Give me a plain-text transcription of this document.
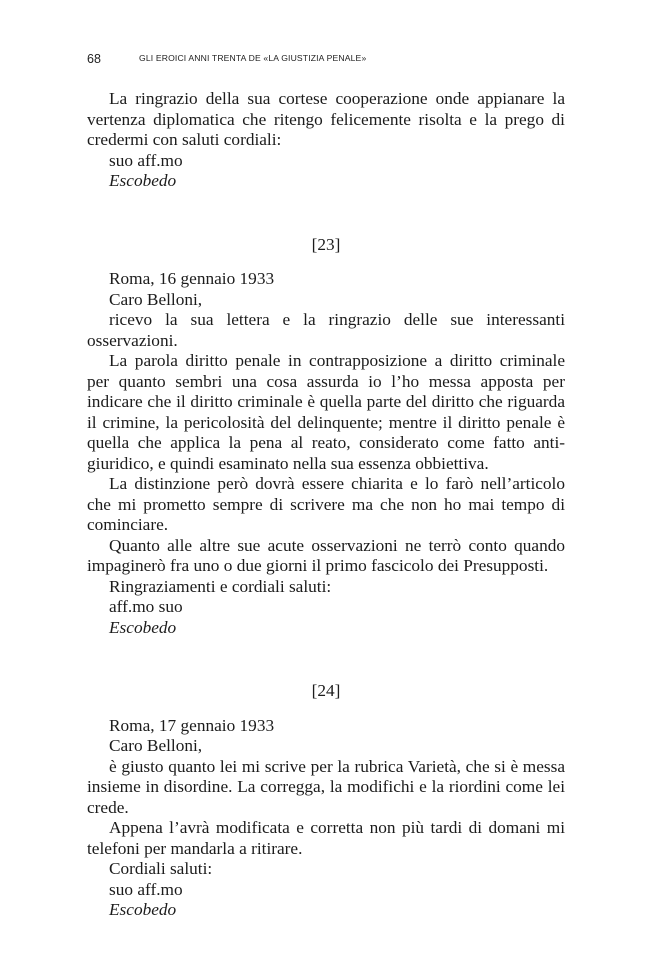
68	GLI EROICI ANNI TRENTA DE «LA GIUSTIZIA PENALE»

La ringrazio della sua cortese cooperazione onde appianare la vertenza diplomatica che ritengo felicemente risolta e la prego di credermi con saluti cordiali:

suo aff.mo

Escobedo

[23]

Roma, 16 gennaio 1933

Caro Belloni,

ricevo la sua lettera e la ringrazio delle sue interessanti osservazioni.

La parola diritto penale in contrapposizione a diritto criminale per quanto sembri una cosa assurda io l’ho messa apposta per indicare che il diritto criminale è quella parte del diritto che riguarda il crimine, la pericolosità del delinquente; mentre il diritto penale è quella che applica la pena al reato, considerato come fatto anti-giuridico, e quindi esaminato nella sua essenza obbiettiva.

La distinzione però dovrà essere chiarita e lo farò nell’articolo che mi prometto sempre di scrivere ma che non ho mai tempo di cominciare.

Quanto alle altre sue acute osservazioni ne terrò conto quando impaginerò fra uno o due giorni il primo fascicolo dei Presupposti.

Ringraziamenti e cordiali saluti:

aff.mo suo

Escobedo

[24]

Roma, 17 gennaio 1933

Caro Belloni,

è giusto quanto lei mi scrive per la rubrica Varietà, che si è messa insieme in disordine. La corregga, la modifichi e la riordini come lei crede.

Appena l’avrà modificata e corretta non più tardi di domani mi telefoni per mandarla a ritirare.

Cordiali saluti:

suo aff.mo

Escobedo
